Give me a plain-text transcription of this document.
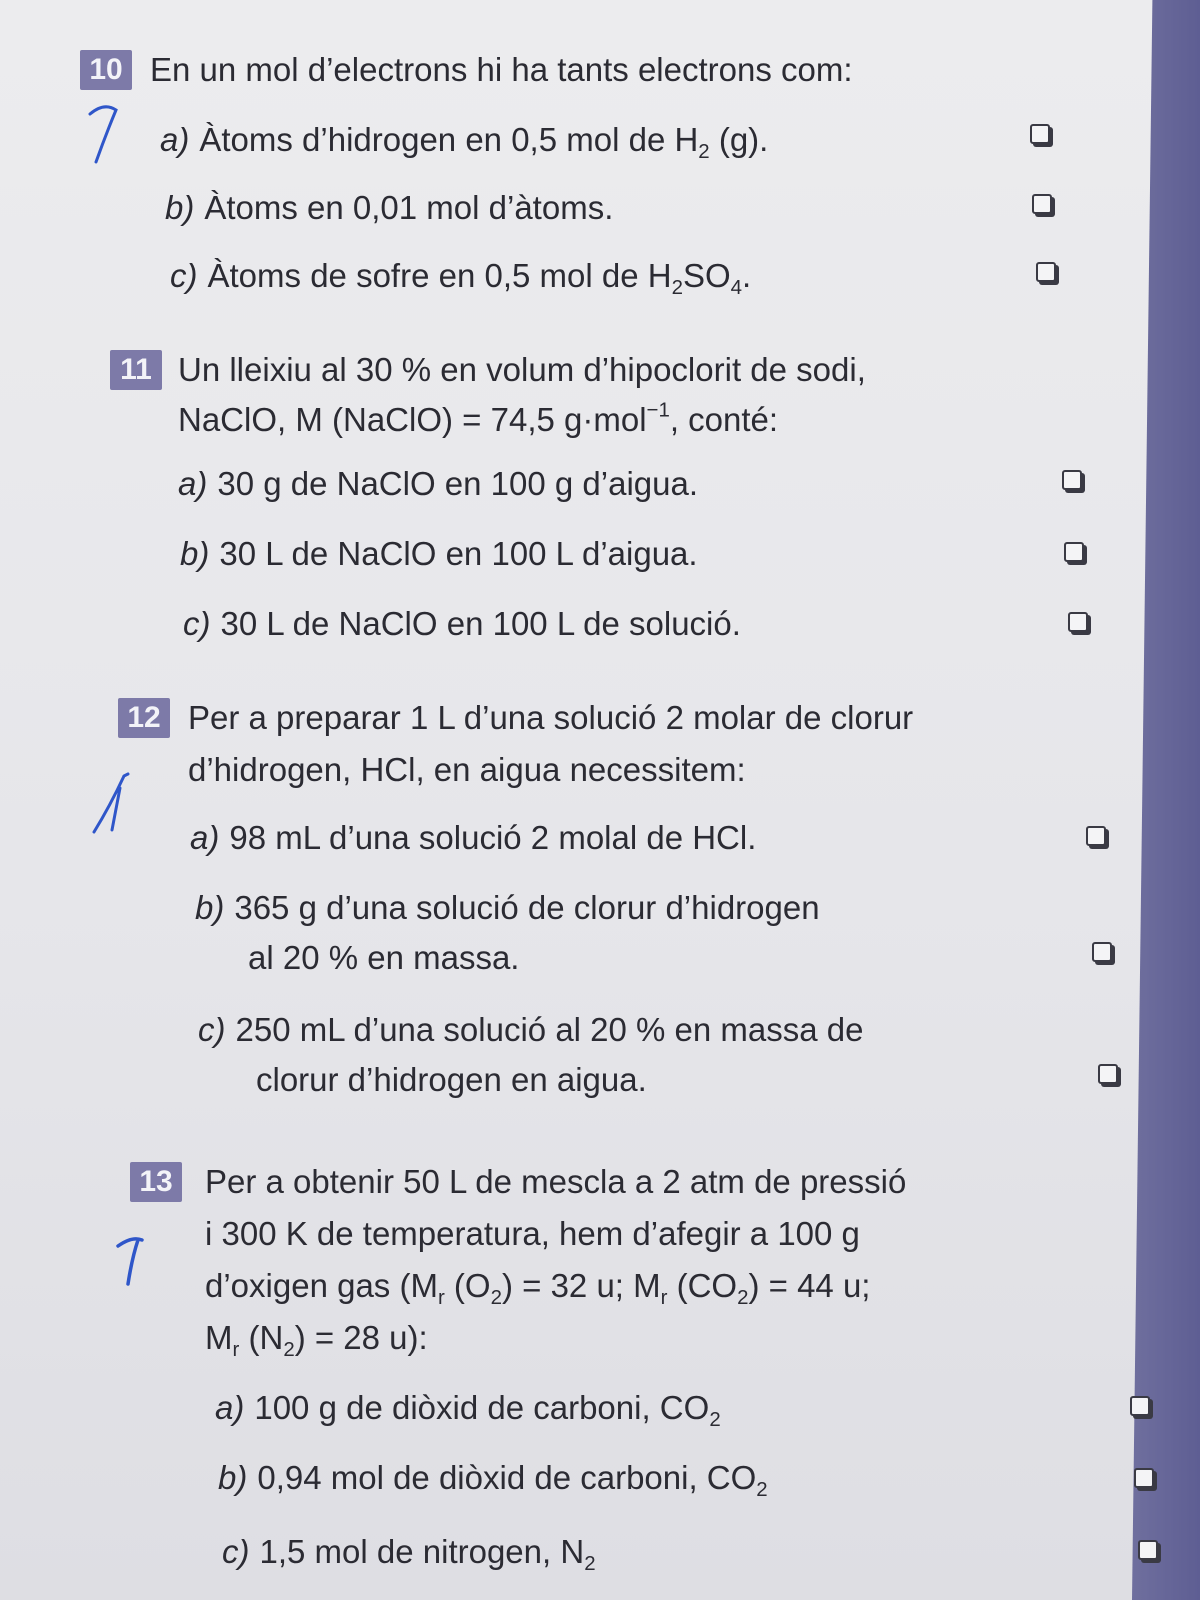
10 En un mol d’electrons hi ha tants electrons com:
a) Àtoms d’hidrogen en 0,5 mol de $H_2$ (g).
b) Àtoms en 0,01 mol d’àtoms.
c) Àtoms de sofre en 0,5 mol de $H_2SO_4$.
11 Un lleixiu al 30 % en volum d’hipoclorit de sodi,
NaClO, M (NaClO) = 74,5 g·mol$^{-1}$, conté:
a) 30 g de NaClO en 100 g d’aigua.
b) 30 L de NaClO en 100 L d’aigua.
c) 30 L de NaClO en 100 L de solució.
12 Per a preparar 1 L d’una solució 2 molar de clorur
d’hidrogen, HCl, en aigua necessitem:
a) 98 mL d’una solució 2 molal de HCl.
b) 365 g d’una solució de clorur d’hidrogen
al 20 % en massa.
c) 250 mL d’una solució al 20 % en massa de
clorur d’hidrogen en aigua.
13 Per a obtenir 50 L de mescla a 2 atm de pressió
i 300 K de temperatura, hem d’afegir a 100 g
d’oxigen gas ($M_r$ $(O_2) = 32$ u; $M_r$ $(CO_2) = 44$ u;
$M_r$ $(N_2) = 28$ u):
a) 100 g de diòxid de carboni, $CO_2$
b) 0,94 mol de diòxid de carboni, $CO_2$
c) 1,5 mol de nitrogen, $N_2$
